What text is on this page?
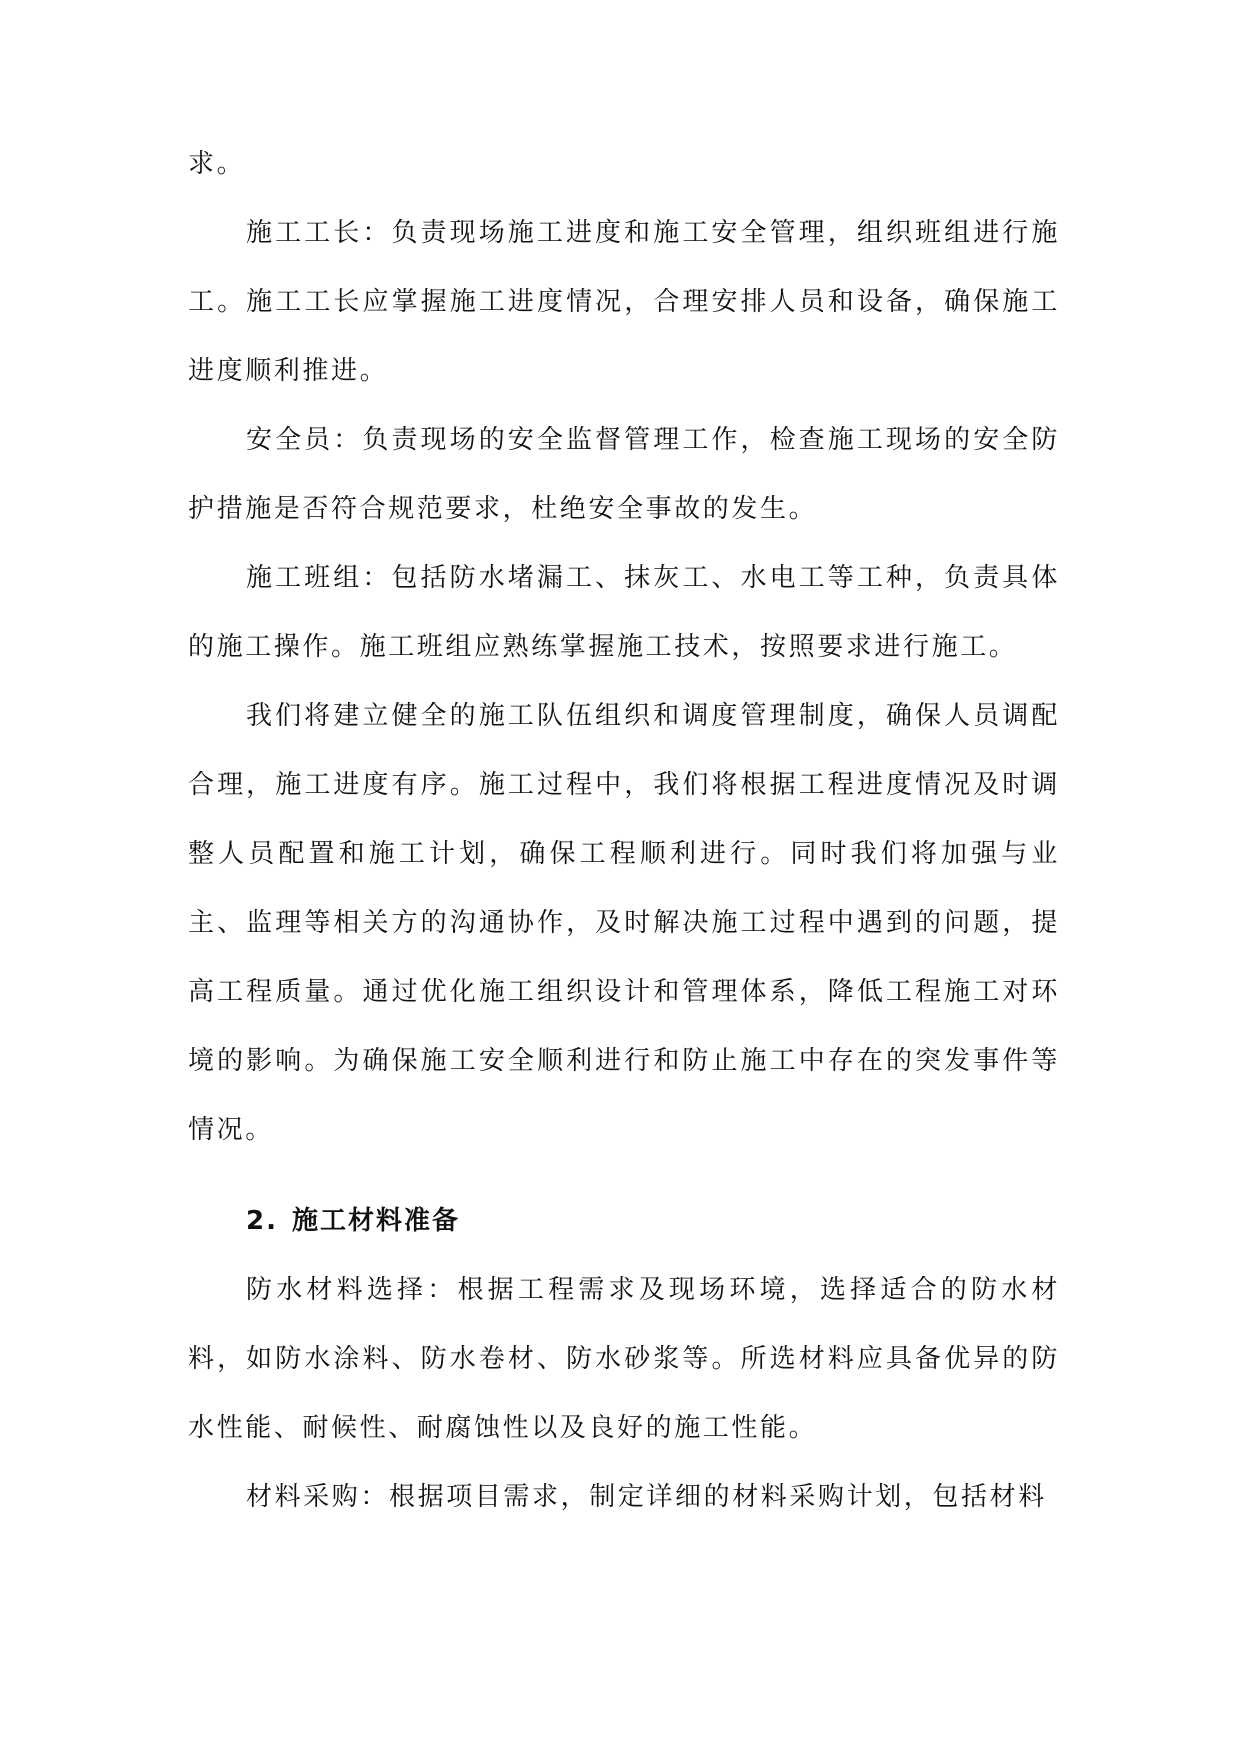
求。

施工工长：负责现场施工进度和施工安全管理，组织班组进行施工。施工工长应掌握施工进度情况，合理安排人员和设备，确保施工进度顺利推进。

安全员：负责现场的安全监督管理工作，检查施工现场的安全防护措施是否符合规范要求，杜绝安全事故的发生。

施工班组：包括防水堵漏工、抹灰工、水电工等工种，负责具体的施工操作。施工班组应熟练掌握施工技术，按照要求进行施工。

我们将建立健全的施工队伍组织和调度管理制度，确保人员调配合理，施工进度有序。施工过程中，我们将根据工程进度情况及时调整人员配置和施工计划，确保工程顺利进行。同时我们将加强与业主、监理等相关方的沟通协作，及时解决施工过程中遇到的问题，提高工程质量。通过优化施工组织设计和管理体系，降低工程施工对环境的影响。为确保施工安全顺利进行和防止施工中存在的突发事件等情况。

2. 施工材料准备

防水材料选择：根据工程需求及现场环境，选择适合的防水材料，如防水涂料、防水卷材、防水砂浆等。所选材料应具备优异的防水性能、耐候性、耐腐蚀性以及良好的施工性能。

材料采购：根据项目需求，制定详细的材料采购计划，包括材料
